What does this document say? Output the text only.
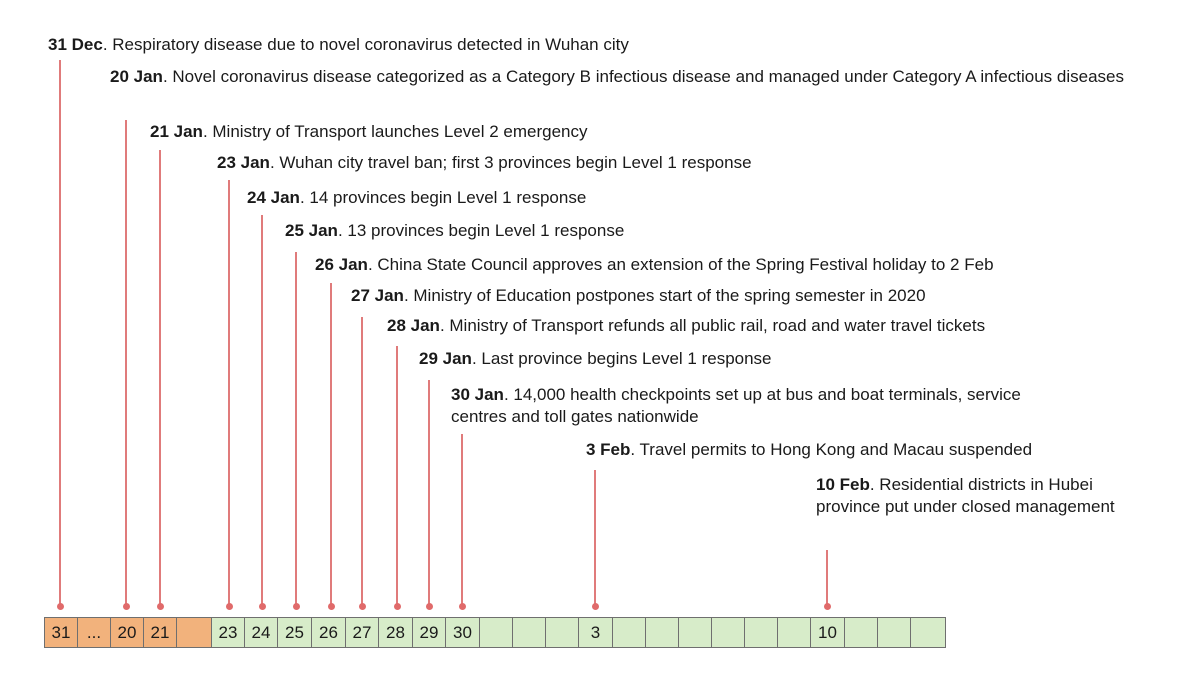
31 Dec. Respiratory disease due to novel coronavirus detected in Wuhan city
20 Jan. Novel coronavirus disease categorized as a Category B infectious disease and managed under Category A infectious diseases
21 Jan. Ministry of Transport launches Level 2 emergency
23 Jan. Wuhan city travel ban; first 3 provinces begin Level 1 response
24 Jan. 14 provinces begin Level 1 response
25 Jan. 13 provinces begin Level 1 response
26 Jan. China State Council approves an extension of the Spring Festival holiday to 2 Feb
27 Jan. Ministry of Education postpones start of the spring semester in 2020
28 Jan. Ministry of Transport refunds all public rail, road and water travel tickets
29 Jan. Last province begins Level 1 response
30 Jan. 14,000 health checkpoints set up at bus and boat terminals, service centres and toll gates nationwide
3 Feb. Travel permits to Hong Kong and Macau suspended
10 Feb. Residential districts in Hubei province put under closed management
31 ... 20 21	23 24 25 26 27 28 29 30	3	10
